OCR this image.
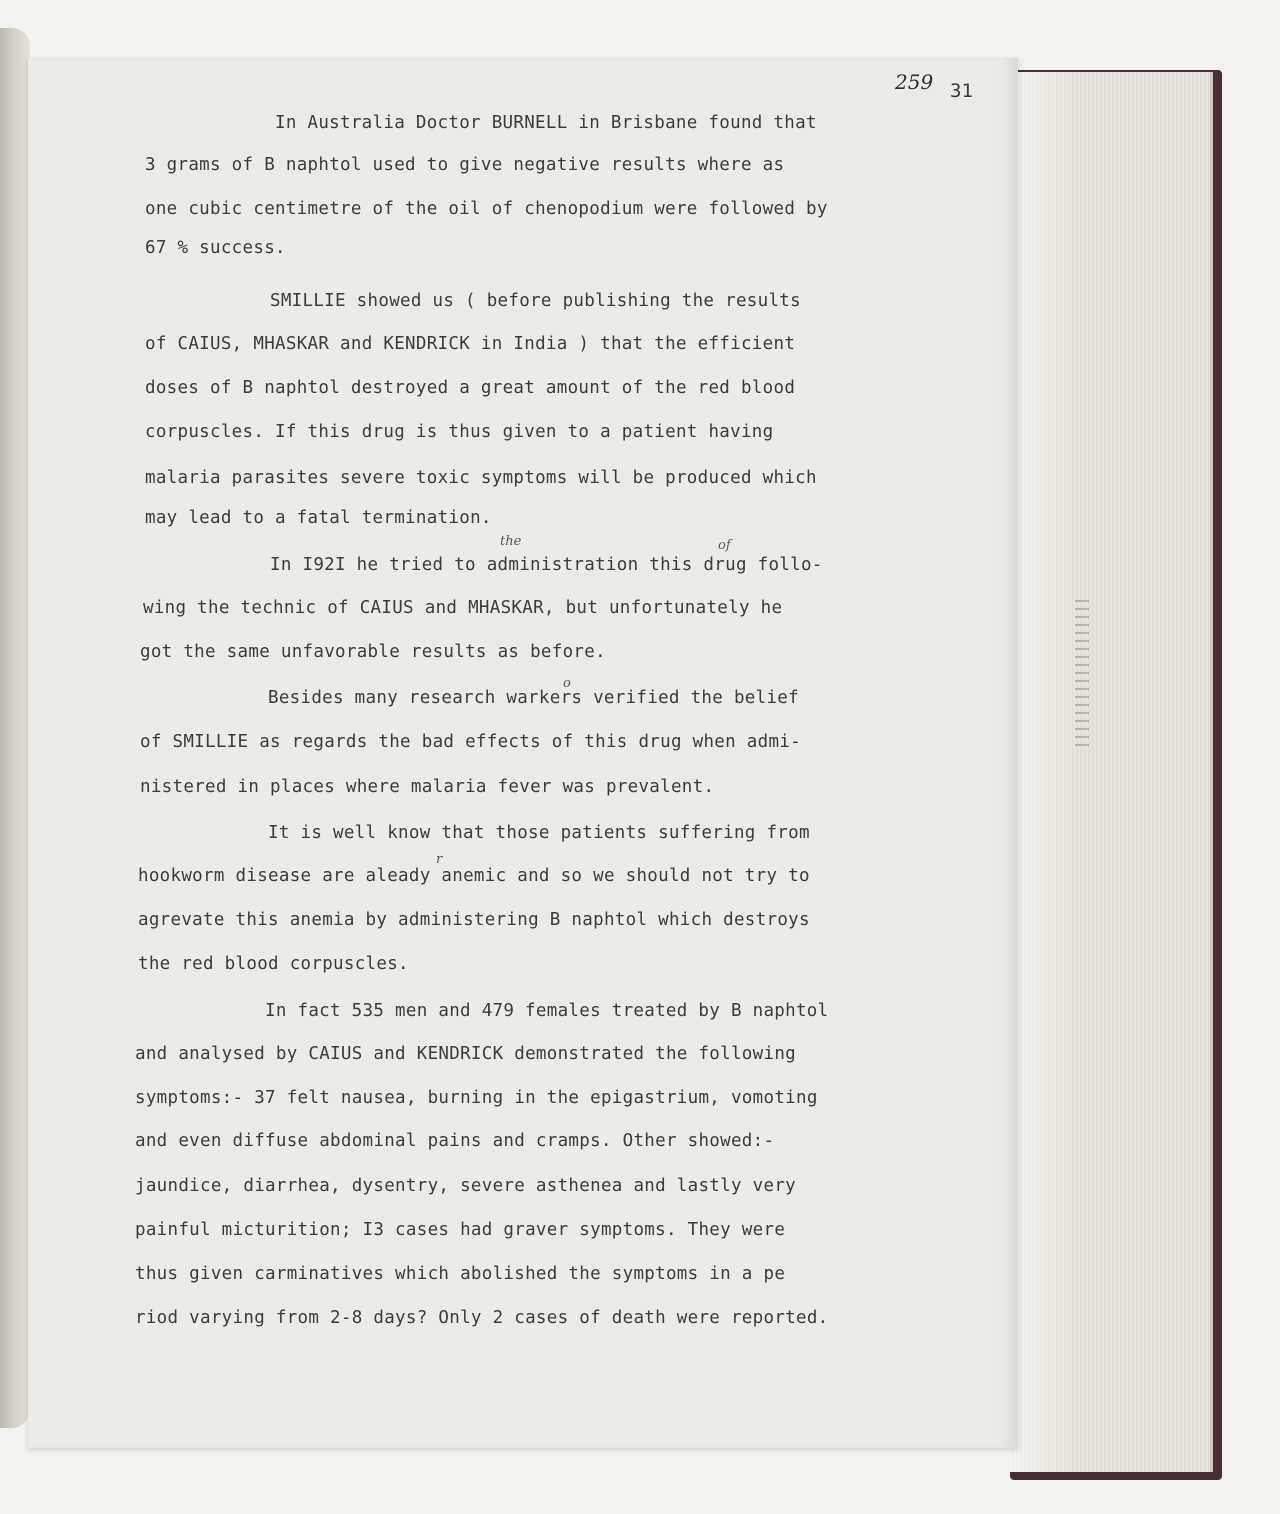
259 31
In Australia Doctor BURNELL in Brisbane found that
3 grams of B naphtol used to give negative results where as
one cubic centimetre of the oil of chenopodium were followed by
67 % success.
SMILLIE showed us ( before publishing the results
of CAIUS, MHASKAR and KENDRICK in India ) that the efficient
doses of B naphtol destroyed a great amount of the red blood
corpuscles. If this drug is thus given to a patient having
malaria parasites severe toxic symptoms will be produced which
may lead to a fatal termination.
the	of
In I92I he tried to administration this drug follo-
wing the technic of CAIUS and MHASKAR, but unfortunately he
got the same unfavorable results as before.
o
Besides many research warkers verified the belief
of SMILLIE as regards the bad effects of this drug when admi-
nistered in places where malaria fever was prevalent.
It is well know that those patients suffering from
r
hookworm disease are aleady anemic and so we should not try to
agrevate this anemia by administering B naphtol which destroys
the red blood corpuscles.
In fact 535 men and 479 females treated by B naphtol
and analysed by CAIUS and KENDRICK demonstrated the following
symptoms:- 37 felt nausea, burning in the epigastrium, vomoting
and even diffuse abdominal pains and cramps. Other showed:-
jaundice, diarrhea, dysentry, severe asthenea and lastly very
painful micturition; I3 cases had graver symptoms. They were
thus given carminatives which abolished the symptoms in a pe
riod varying from 2-8 days? Only 2 cases of death were reported.
